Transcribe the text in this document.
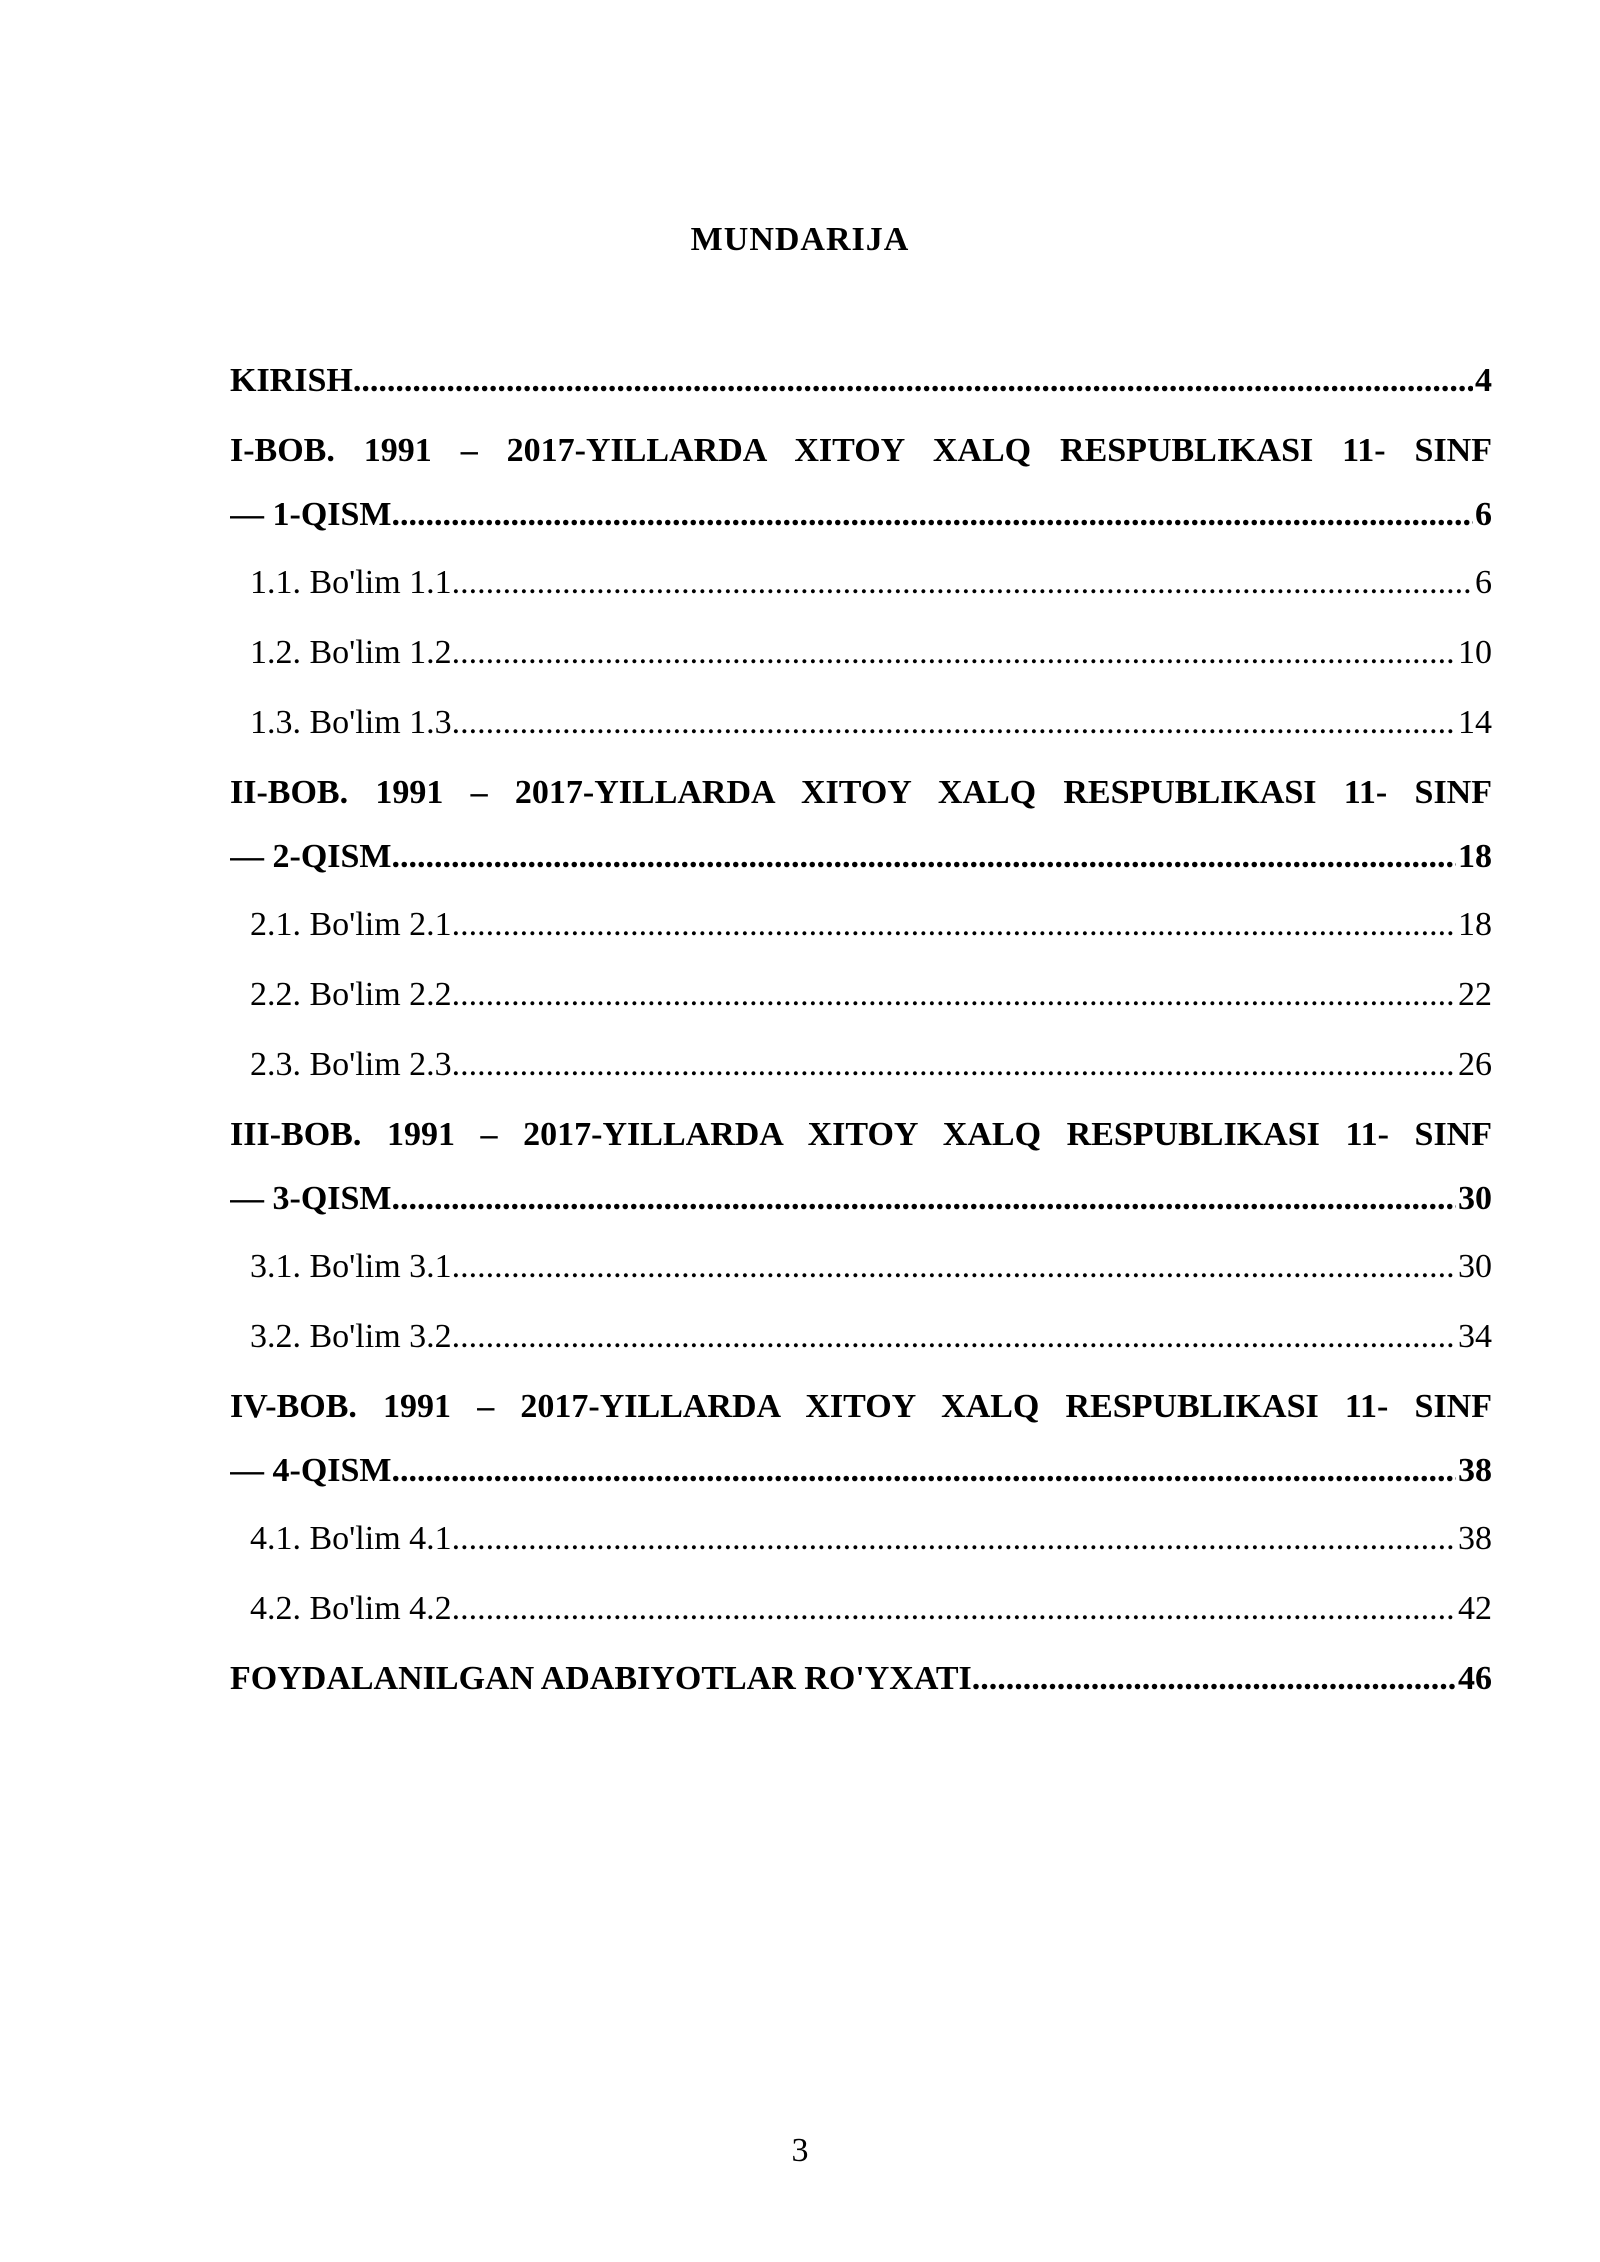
MUNDARIJA
KIRISH .....	4
I-BOB. 1991 – 2017-YILLARDA XITOY XALQ RESPUBLIKASI 11- SINF
— 1-QISM .....	6
1.1. Bo'lim 1.1 .....	6
1.2. Bo'lim 1.2 .....	10
1.3. Bo'lim 1.3 .....	14
II-BOB. 1991 – 2017-YILLARDA XITOY XALQ RESPUBLIKASI 11- SINF
— 2-QISM .....	18
2.1. Bo'lim 2.1 .....	18
2.2. Bo'lim 2.2 .....	22
2.3. Bo'lim 2.3 .....	26
III-BOB. 1991 – 2017-YILLARDA XITOY XALQ RESPUBLIKASI 11- SINF
— 3-QISM .....	30
3.1. Bo'lim 3.1 .....	30
3.2. Bo'lim 3.2 .....	34
IV-BOB. 1991 – 2017-YILLARDA XITOY XALQ RESPUBLIKASI 11- SINF
— 4-QISM .....	38
4.1. Bo'lim 4.1 .....	38
4.2. Bo'lim 4.2 .....	42
FOYDALANILGAN ADABIYOTLAR RO'YXATI .....	46
3
